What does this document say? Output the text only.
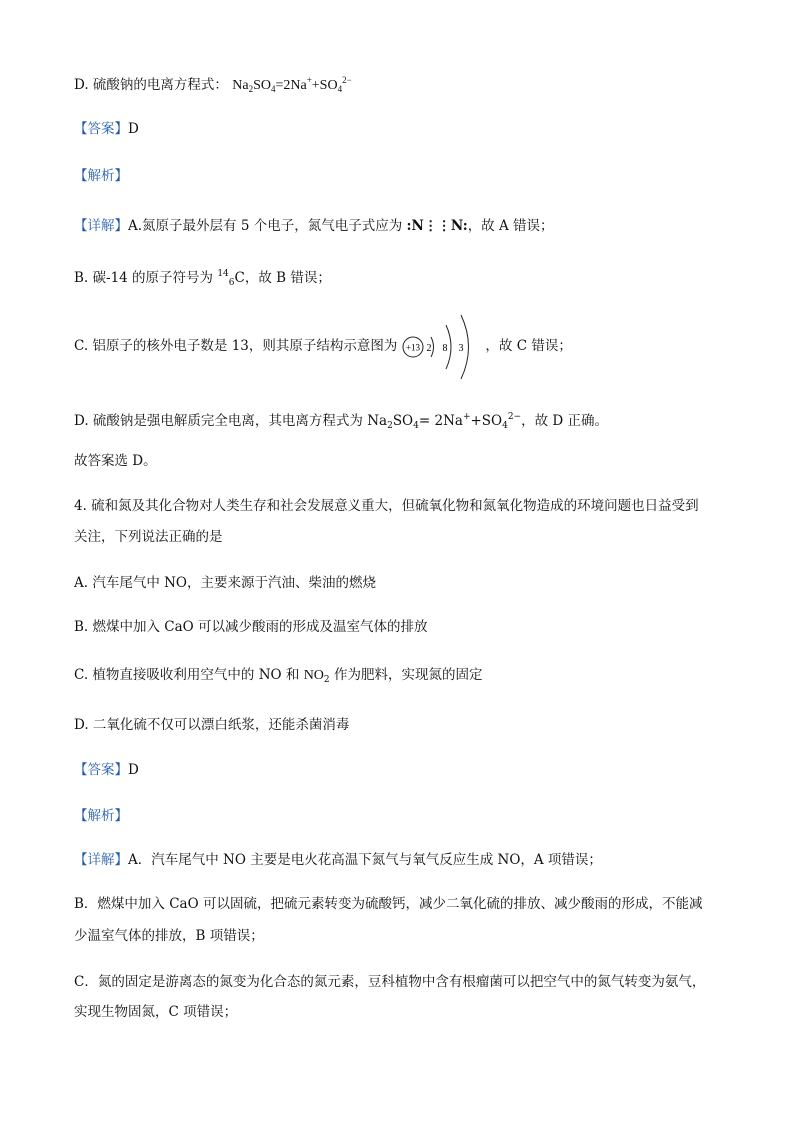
D. 硫酸钠的电离方程式： $Na_2SO_4=2Na^++SO_4^{2-}$
【答案】D
【解析】
【详解】A.氮原子最外层有 5 个电子，氮气电子式应为 :N⋮⋮N:，故 A 错误；
B. 碳-14 的原子符号为 $^{14}_6$C，故 B 错误；
C. 铝原子的核外电子数是 13，则其原子结构示意图为 +13 2 8 3 ，故 C 错误；
D. 硫酸钠是强电解质完全电离，其电离方程式为 $Na_2SO_4= 2Na^++SO_4^{2-}$，故 D 正确。
故答案选 D。
4. 硫和氮及其化合物对人类生存和社会发展意义重大，但硫氧化物和氮氧化物造成的环境问题也日益受到
关注，下列说法正确的是
A. 汽车尾气中 NO，主要来源于汽油、柴油的燃烧
B. 燃煤中加入 CaO 可以减少酸雨的形成及温室气体的排放
C. 植物直接吸收利用空气中的 NO 和 $NO_2$ 作为肥料，实现氮的固定
D. 二氧化硫不仅可以漂白纸浆，还能杀菌消毒
【答案】D
【解析】
【详解】A．汽车尾气中 NO 主要是电火花高温下氮气与氧气反应生成 NO，A 项错误；
B．燃煤中加入 CaO 可以固硫，把硫元素转变为硫酸钙，减少二氧化硫的排放、减少酸雨的形成，不能减
少温室气体的排放，B 项错误；
C．氮的固定是游离态的氮变为化合态的氮元素，豆科植物中含有根瘤菌可以把空气中的氮气转变为氨气，
实现生物固氮，C 项错误；
